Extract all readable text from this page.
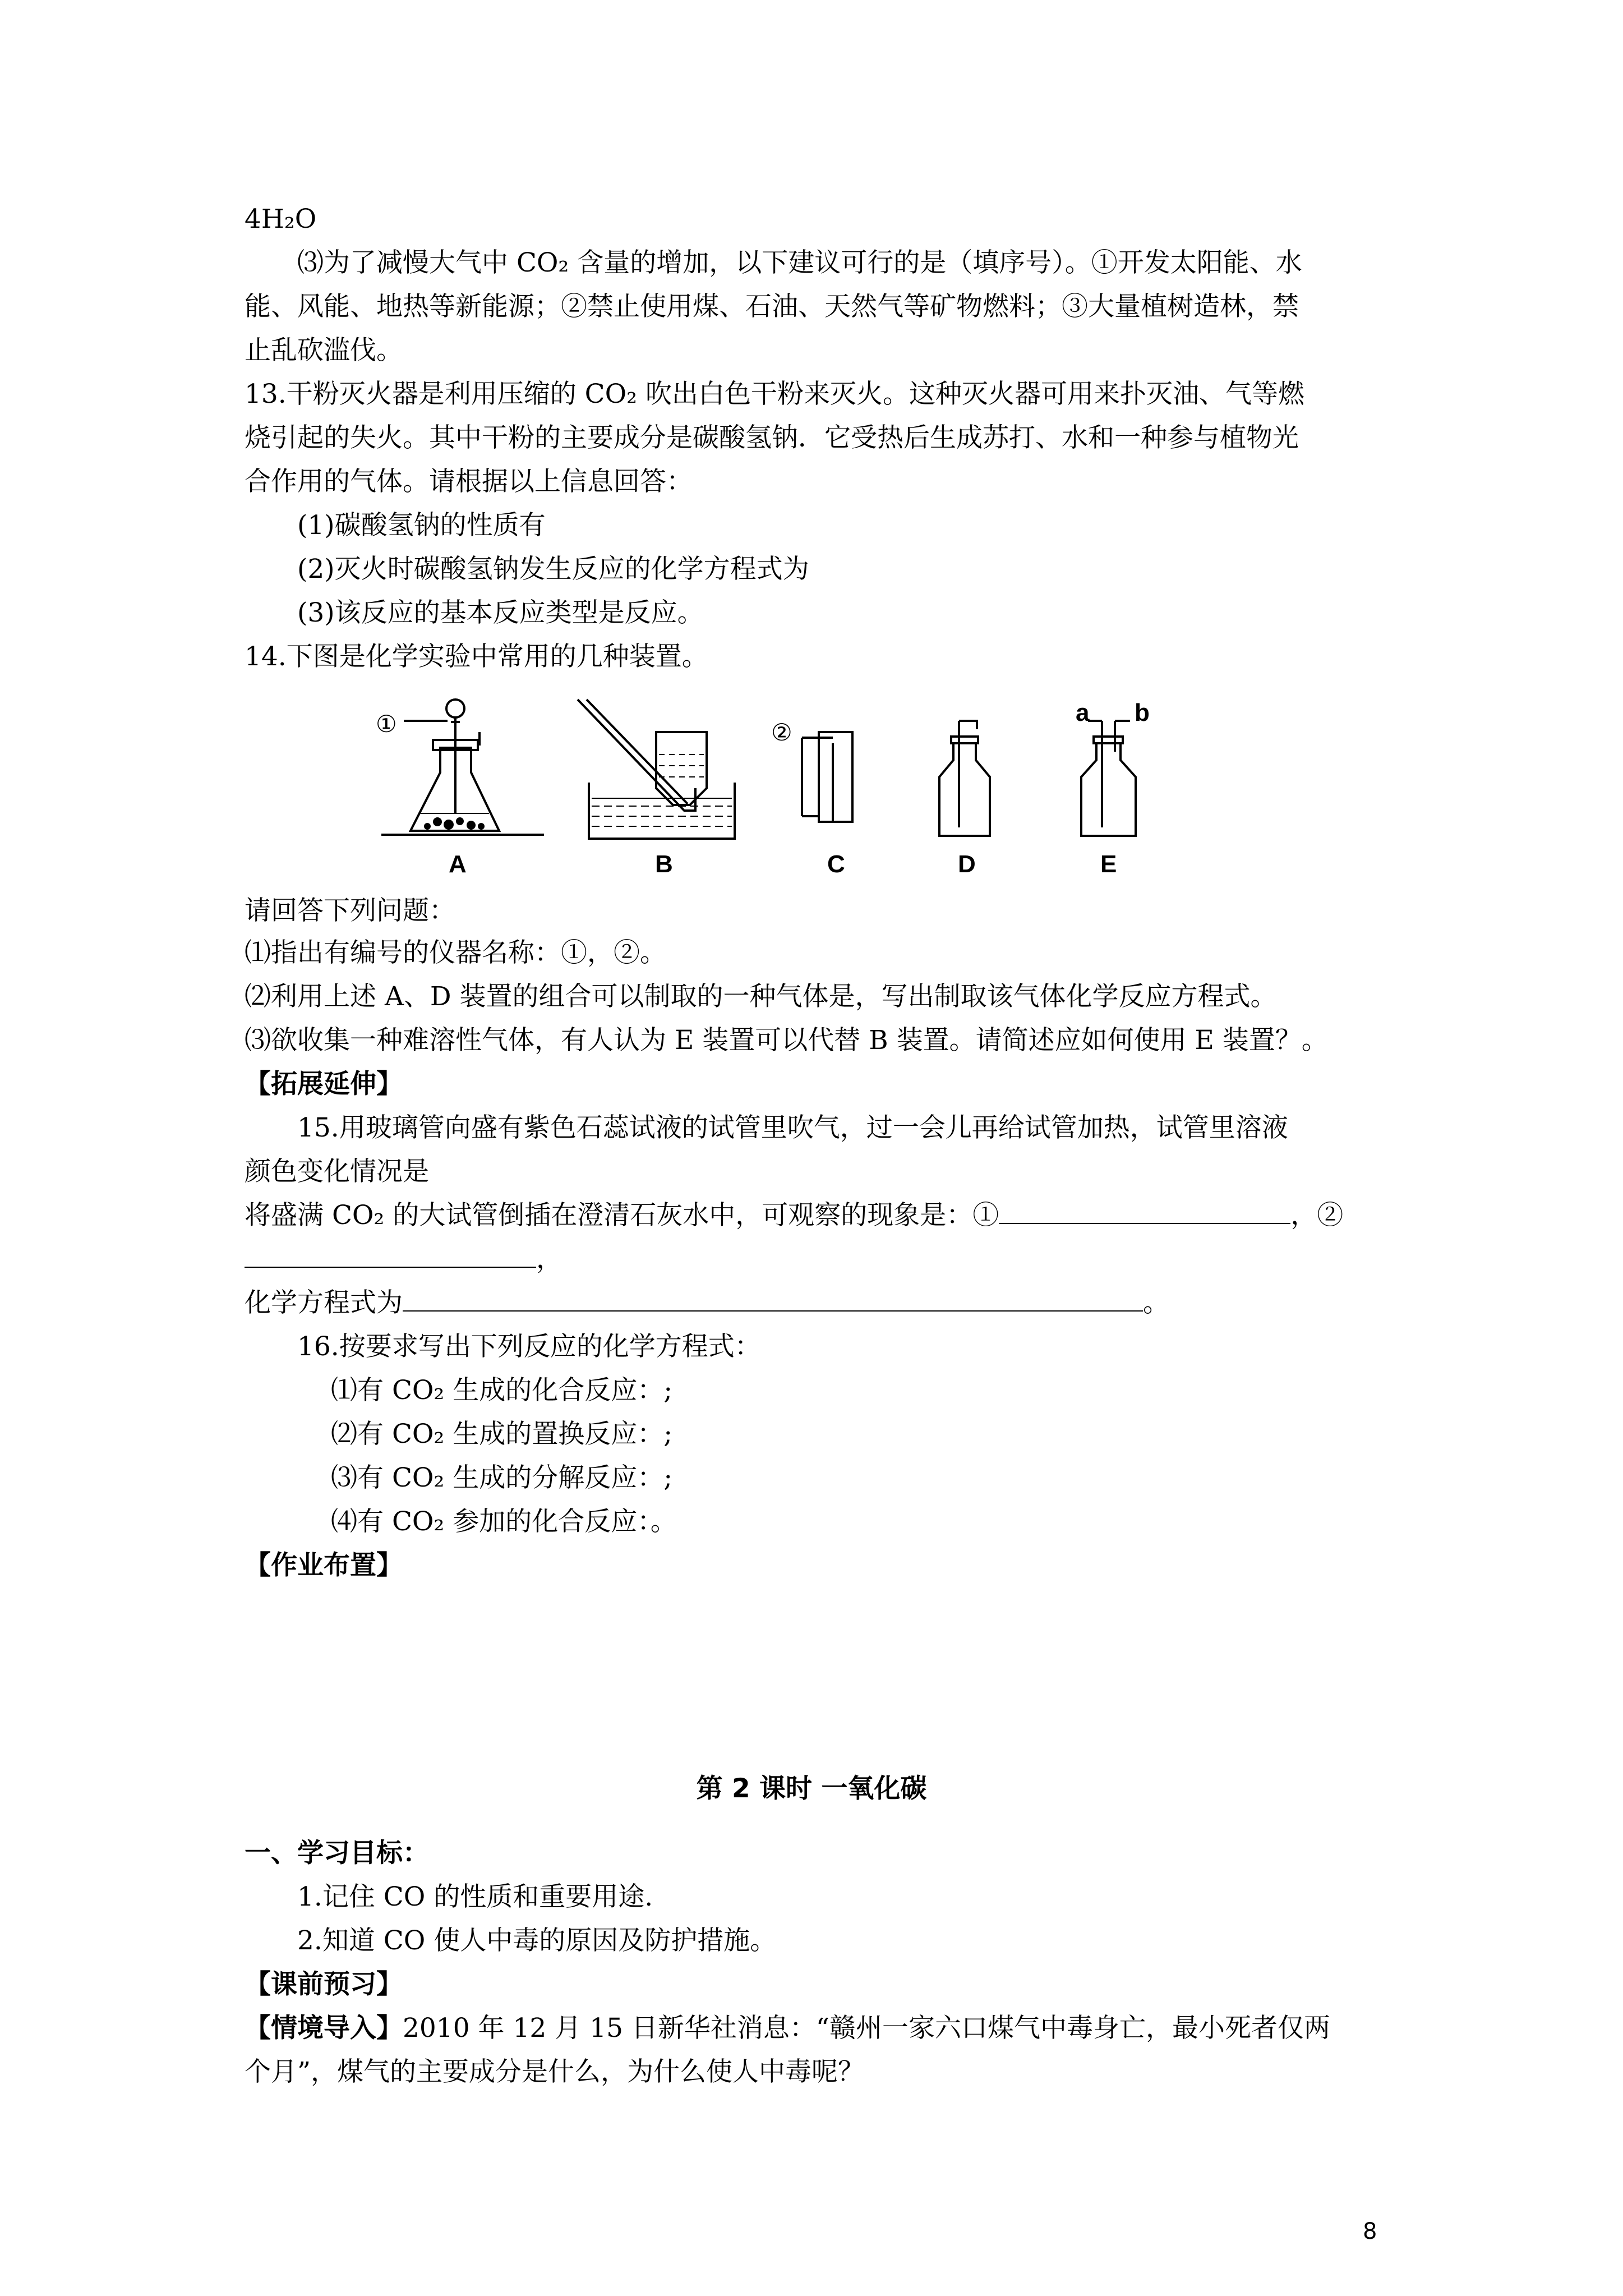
4H₂O
⑶为了减慢大气中 CO₂ 含量的增加，以下建议可行的是（填序号）。①开发太阳能、水
能、风能、地热等新能源；②禁止使用煤、石油、天然气等矿物燃料；③大量植树造林，禁
止乱砍滥伐。
13.干粉灭火器是利用压缩的 CO₂ 吹出白色干粉来灭火。这种灭火器可用来扑灭油、气等燃
烧引起的失火。其中干粉的主要成分是碳酸氢钠．它受热后生成苏打、水和一种参与植物光
合作用的气体。请根据以上信息回答：
(1)碳酸氢钠的性质有
(2)灭火时碳酸氢钠发生反应的化学方程式为
(3)该反应的基本反应类型是反应。
14.下图是化学实验中常用的几种装置。
①	②
a b
A	B	C	D	E
请回答下列问题：
⑴指出有编号的仪器名称：①，②。
⑵利用上述 A、D 装置的组合可以制取的一种气体是，写出制取该气体化学反应方程式。
⑶欲收集一种难溶性气体，有人认为 E 装置可以代替 B 装置。请简述应如何使用 E 装置？。
【拓展延伸】
15.用玻璃管向盛有紫色石蕊试液的试管里吹气，过一会儿再给试管加热，试管里溶液
颜色变化情况是
将盛满 CO₂ 的大试管倒插在澄清石灰水中，可观察的现象是：①	，②
，
化学方程式为	。
16.按要求写出下列反应的化学方程式：
⑴有 CO₂ 生成的化合反应：;
⑵有 CO₂ 生成的置换反应：;
⑶有 CO₂ 生成的分解反应：;
⑷有 CO₂ 参加的化合反应：。
【作业布置】
第 2 课时 一氧化碳
一、学习目标：
1.记住 CO 的性质和重要用途.
2.知道 CO 使人中毒的原因及防护措施。
【课前预习】
【情境导入】2010 年 12 月 15 日新华社消息：“赣州一家六口煤气中毒身亡，最小死者仅两
个月”，煤气的主要成分是什么，为什么使人中毒呢？
8
